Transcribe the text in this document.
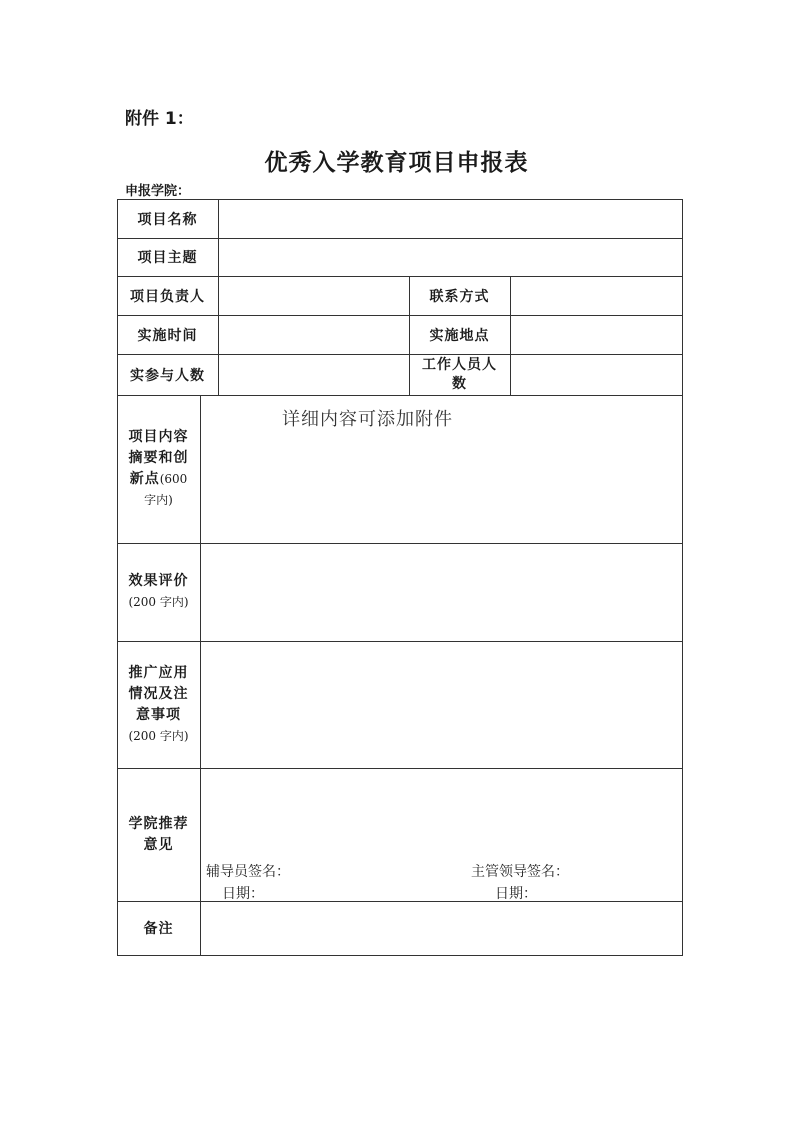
附件 1：
优秀入学教育项目申报表
申报学院：
项目名称
项目主题
项目负责人	联系方式
实施时间	实施地点
实参与人数
工作人员人
数
项目内容
摘要和创
新点(600
字内)
效果评价
(200 字内)
推广应用
情况及注
意事项
(200 字内)
学院推荐
意见
备注
详细内容可添加附件
辅导员签名：
日期：
主管领导签名：
日期：
